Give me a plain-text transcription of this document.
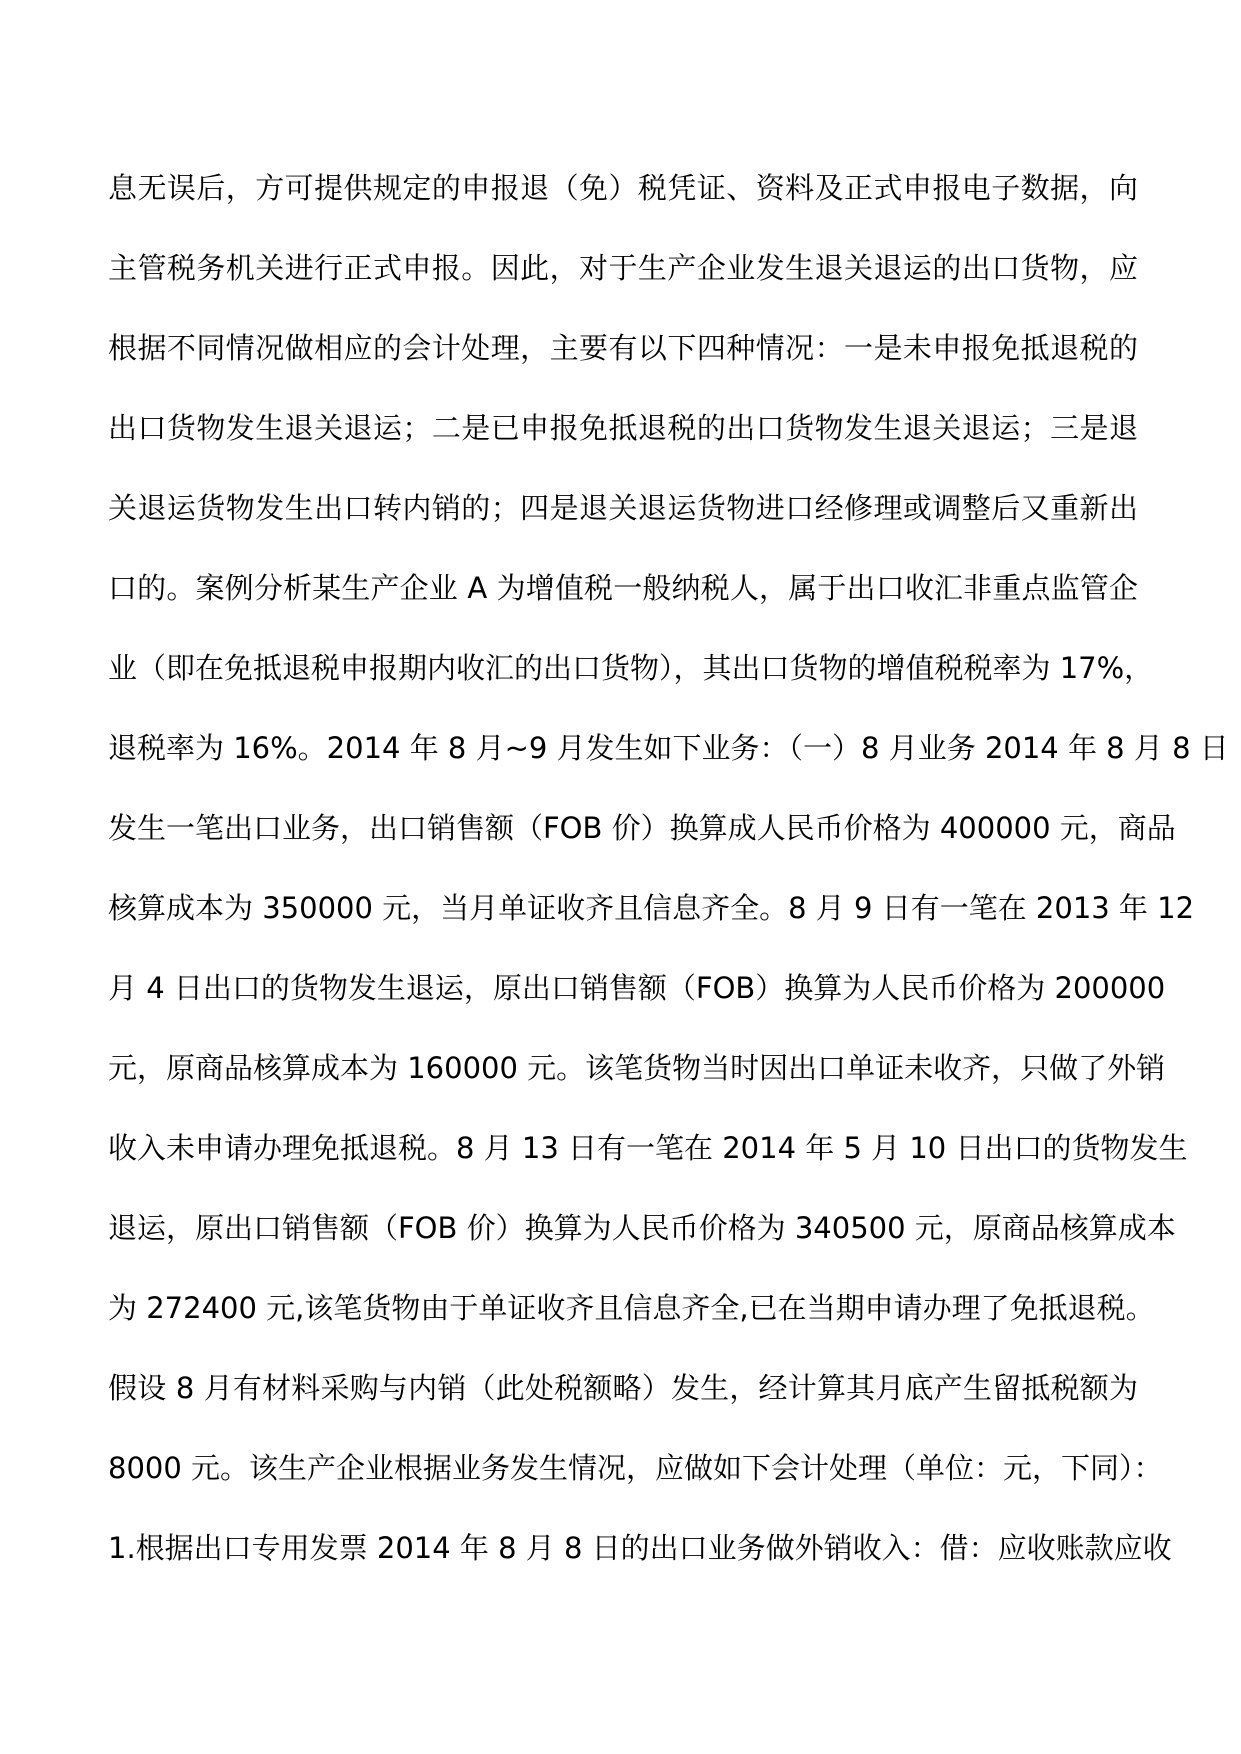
息无误后，方可提供规定的申报退（免）税凭证、资料及正式申报电子数据，向
主管税务机关进行正式申报。因此，对于生产企业发生退关退运的出口货物，应
根据不同情况做相应的会计处理，主要有以下四种情况：一是未申报免抵退税的
出口货物发生退关退运；二是已申报免抵退税的出口货物发生退关退运；三是退
关退运货物发生出口转内销的；四是退关退运货物进口经修理或调整后又重新出
口的。案例分析某生产企业 A 为增值税一般纳税人，属于出口收汇非重点监管企
业（即在免抵退税申报期内收汇的出口货物），其出口货物的增值税税率为 17%，
退税率为 16%。2014 年 8 月~9 月发生如下业务：（一）8 月业务 2014 年 8 月 8 日
发生一笔出口业务，出口销售额（FOB 价）换算成人民币价格为 400000 元，商品
核算成本为 350000 元，当月单证收齐且信息齐全。8 月 9 日有一笔在 2013 年 12
月 4 日出口的货物发生退运，原出口销售额（FOB）换算为人民币价格为 200000
元，原商品核算成本为 160000 元。该笔货物当时因出口单证未收齐，只做了外销
收入未申请办理免抵退税。8 月 13 日有一笔在 2014 年 5 月 10 日出口的货物发生
退运，原出口销售额（FOB 价）换算为人民币价格为 340500 元，原商品核算成本
为 272400 元,该笔货物由于单证收齐且信息齐全,已在当期申请办理了免抵退税。
假设 8 月有材料采购与内销（此处税额略）发生，经计算其月底产生留抵税额为
8000 元。该生产企业根据业务发生情况，应做如下会计处理（单位：元，下同）：
1.根据出口专用发票 2014 年 8 月 8 日的出口业务做外销收入：借：应收账款应收
